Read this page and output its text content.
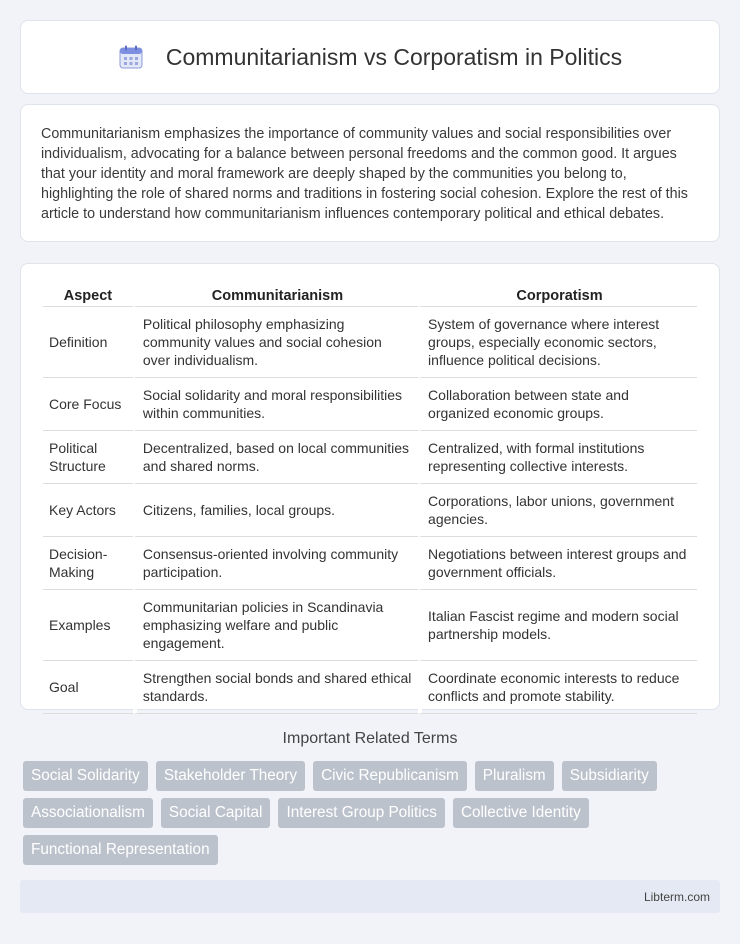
Communitarianism vs Corporatism in Politics

Communitarianism emphasizes the importance of community values and social responsibilities over individualism, advocating for a balance between personal freedoms and the common good. It argues that your identity and moral framework are deeply shaped by the communities you belong to, highlighting the role of shared norms and traditions in fostering social cohesion. Explore the rest of this article to understand how communitarianism influences contemporary political and ethical debates.

Aspect	Communitarianism	Corporatism
Definition	Political philosophy emphasizing community values and social cohesion over individualism.	System of governance where interest groups, especially economic sectors, influence political decisions.
Core Focus	Social solidarity and moral responsibilities within communities.	Collaboration between state and organized economic groups.
Political Structure	Decentralized, based on local communities and shared norms.	Centralized, with formal institutions representing collective interests.
Key Actors	Citizens, families, local groups.	Corporations, labor unions, government agencies.
Decision-Making	Consensus-oriented involving community participation.	Negotiations between interest groups and government officials.
Examples	Communitarian policies in Scandinavia emphasizing welfare and public engagement.	Italian Fascist regime and modern social partnership models.
Goal	Strengthen social bonds and shared ethical standards.	Coordinate economic interests to reduce conflicts and promote stability.
Important Related Terms
Social Solidarity	Stakeholder Theory	Civic Republicanism	Pluralism	Subsidiarity
Associationalism	Social Capital	Interest Group Politics	Collective Identity
Functional Representation
Libterm.com
